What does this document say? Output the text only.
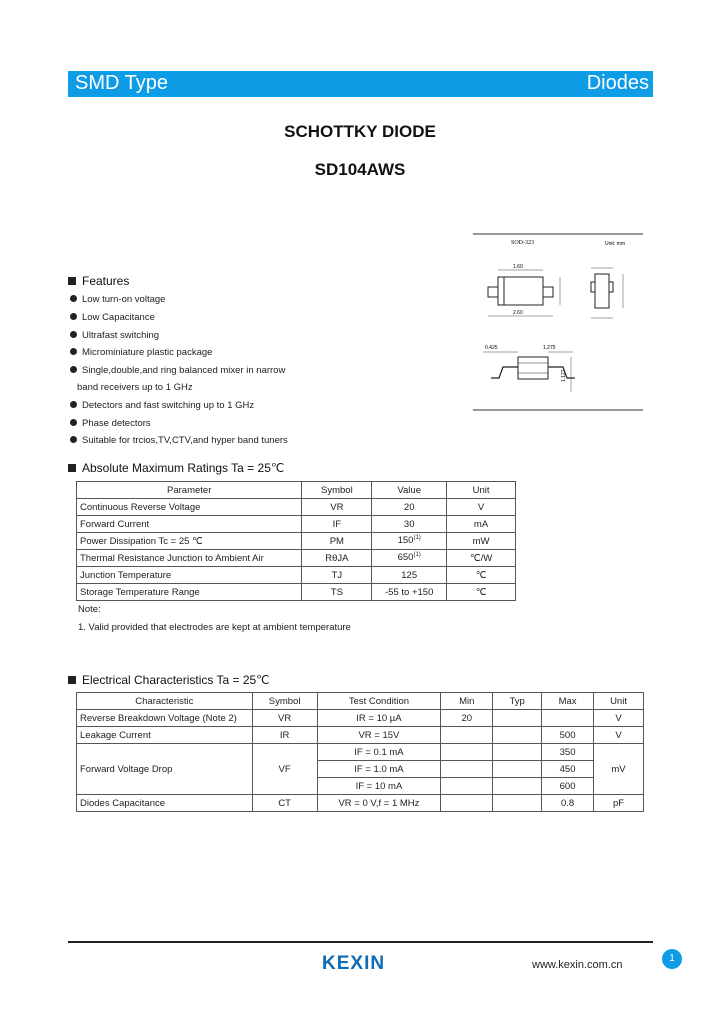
SMD Type	Diodes
SCHOTTKY DIODE
SD104AWS
SOD-323	Unit: mm
1.60
2.60
0.425	1.275
1.127
Features
Low turn-on voltage
Low Capacitance
Ultrafast switching
Microminiature plastic package
Single,double,and ring balanced mixer in narrow
band receivers up to 1 GHz
Detectors and fast switching up to 1 GHz
Phase detectors
Suitable for trcios,TV,CTV,and hyper band tuners
Absolute Maximum Ratings Ta = 25℃
Parameter	Symbol	Value	Unit
Continuous Reverse Voltage	VR	20	V
Forward Current	IF	30	mA
Power Dissipation Tc = 25 ℃	PM	150$^{(1)}$	mW
Thermal Resistance Junction to Ambient Air	RθJA	650$^{(1)}$	℃/W
Junction Temperature	TJ	125	℃
Storage Temperature Range	TS	-55 to +150	℃
Note:
1. Valid provided that electrodes are kept at ambient temperature
Electrical Characteristics Ta = 25℃
Characteristic	Symbol	Test Condition	Min	Typ	Max	Unit
Reverse Breakdown Voltage (Note 2)	VR	IR = 10 µA	20			V
Leakage Current	IR	VR = 15V			500	V
Forward Voltage Drop	VF	IF = 0.1 mA			350	mV
		IF = 1.0 mA			450	
		IF = 10 mA			600	
Diodes Capacitance	CT	VR = 0 V,f = 1 MHz			0.8	pF
KEXIN	www.kexin.com.cn
1
